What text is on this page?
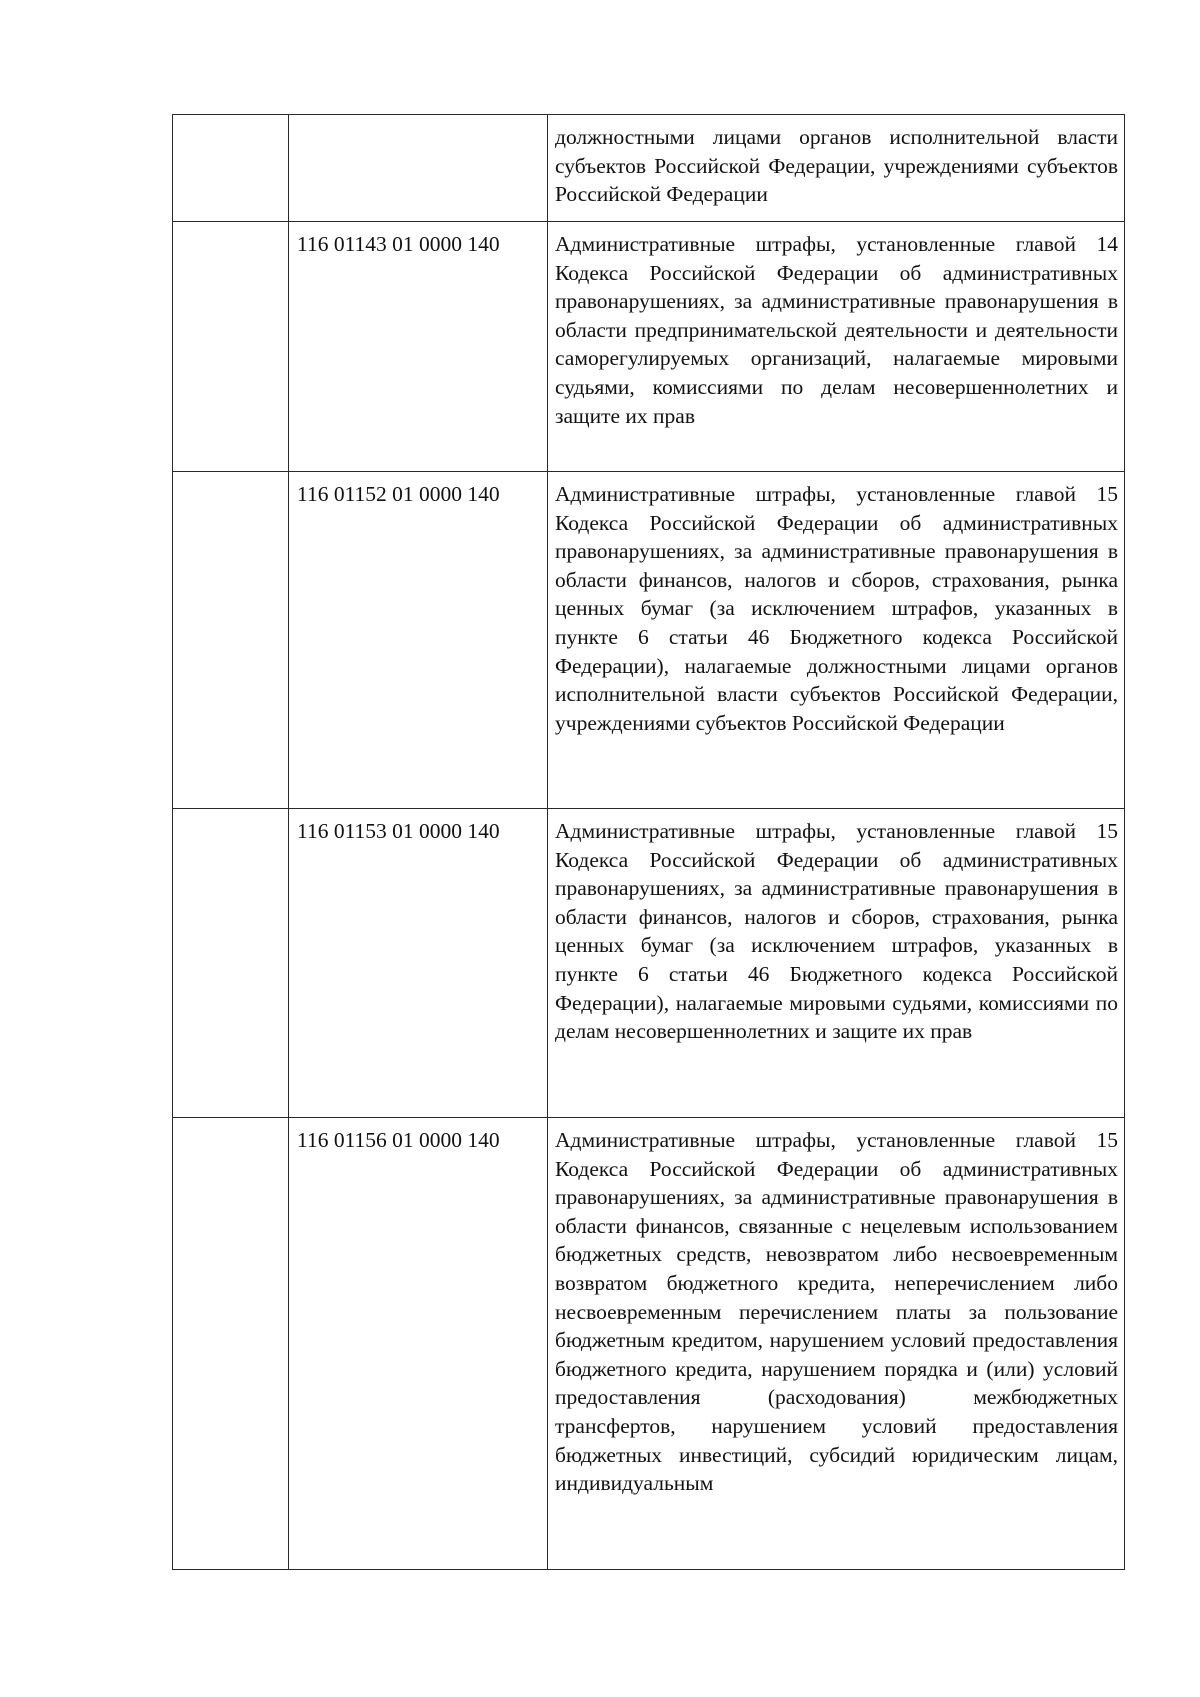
		должностными лицами органов исполнительной власти субъектов Российской Федерации, учреждениями субъектов Российской Федерации

	116 01143 01 0000 140	Административные штрафы, установленные главой 14 Кодекса Российской Федерации об административных правонарушениях, за административные правонарушения в области предпринимательской деятельности и деятельности саморегулируемых организаций, налагаемые мировыми судьями, комиссиями по делам несовершеннолетних и защите их прав

	116 01152 01 0000 140	Административные штрафы, установленные главой 15 Кодекса Российской Федерации об административных правонарушениях, за административные правонарушения в области финансов, налогов и сборов, страхования, рынка ценных бумаг (за исключением штрафов, указанных в пункте 6 статьи 46 Бюджетного кодекса Российской Федерации), налагаемые должностными лицами органов исполнительной власти субъектов Российской Федерации, учреждениями субъектов Российской Федерации

	116 01153 01 0000 140	Административные штрафы, установленные главой 15 Кодекса Российской Федерации об административных правонарушениях, за административные правонарушения в области финансов, налогов и сборов, страхования, рынка ценных бумаг (за исключением штрафов, указанных в пункте 6 статьи 46 Бюджетного кодекса Российской Федерации), налагаемые мировыми судьями, комиссиями по делам несовершеннолетних и защите их прав

	116 01156 01 0000 140	Административные штрафы, установленные главой 15 Кодекса Российской Федерации об административных правонарушениях, за административные правонарушения в области финансов, связанные с нецелевым использованием бюджетных средств, невозвратом либо несвоевременным возвратом бюджетного кредита, неперечислением либо несвоевременным перечислением платы за пользование бюджетным кредитом, нарушением условий предоставления бюджетного кредита, нарушением порядка и (или) условий предоставления (расходования) межбюджетных трансфертов, нарушением условий предоставления бюджетных инвестиций, субсидий юридическим лицам, индивидуальным
